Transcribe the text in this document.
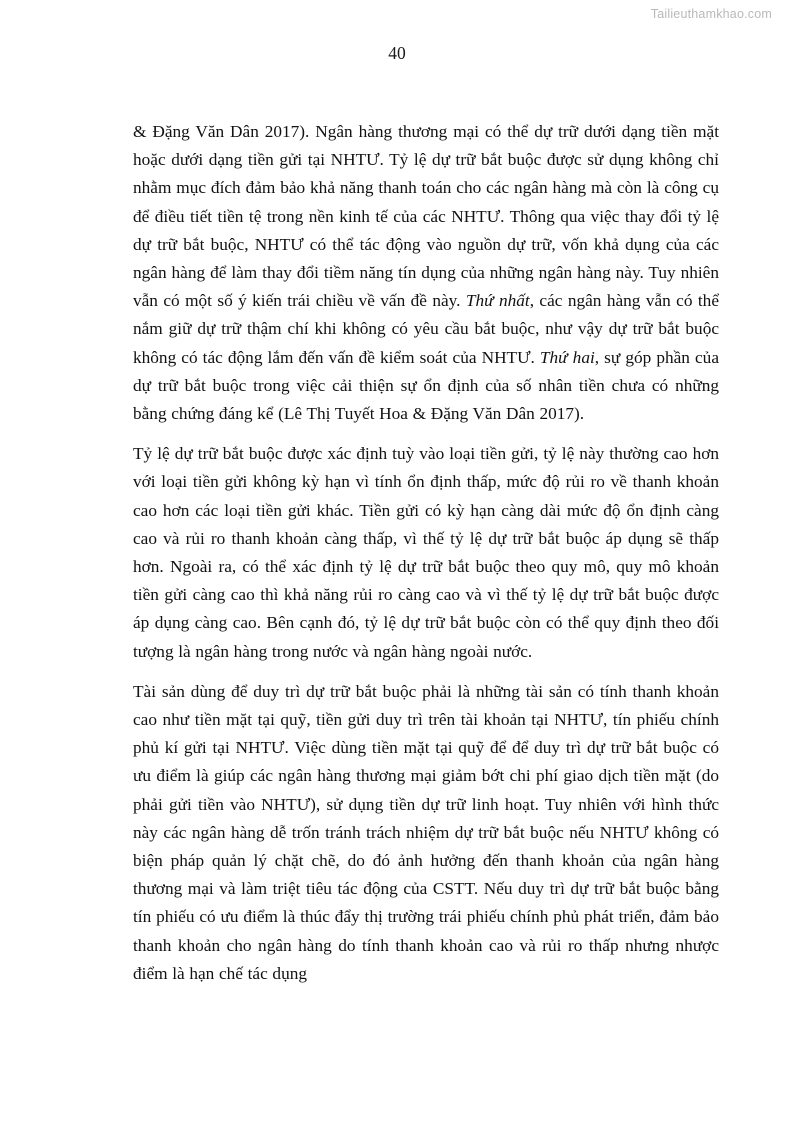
Tailieuthamkhao.com
40

& Đặng Văn Dân 2017). Ngân hàng thương mại có thể dự trữ dưới dạng tiền mặt hoặc dưới dạng tiền gửi tại NHTƯ. Tỷ lệ dự trữ bắt buộc được sử dụng không chỉ nhằm mục đích đảm bảo khả năng thanh toán cho các ngân hàng mà còn là công cụ để điều tiết tiền tệ trong nền kinh tế của các NHTƯ. Thông qua việc thay đổi tỷ lệ dự trữ bắt buộc, NHTƯ có thể tác động vào nguồn dự trữ, vốn khả dụng của các ngân hàng để làm thay đổi tiềm năng tín dụng của những ngân hàng này. Tuy nhiên vẫn có một số ý kiến trái chiều về vấn đề này. Thứ nhất, các ngân hàng vẫn có thể nắm giữ dự trữ thậm chí khi không có yêu cầu bắt buộc, như vậy dự trữ bắt buộc không có tác động lắm đến vấn đề kiểm soát của NHTƯ. Thứ hai, sự góp phần của dự trữ bắt buộc trong việc cải thiện sự ổn định của số nhân tiền chưa có những bằng chứng đáng kể (Lê Thị Tuyết Hoa & Đặng Văn Dân 2017).

Tỷ lệ dự trữ bắt buộc được xác định tuỳ vào loại tiền gửi, tỷ lệ này thường cao hơn với loại tiền gửi không kỳ hạn vì tính ổn định thấp, mức độ rủi ro về thanh khoản cao hơn các loại tiền gửi khác. Tiền gửi có kỳ hạn càng dài mức độ ổn định càng cao và rủi ro thanh khoản càng thấp, vì thế tỷ lệ dự trữ bắt buộc áp dụng sẽ thấp hơn. Ngoài ra, có thể xác định tỷ lệ dự trữ bắt buộc theo quy mô, quy mô khoản tiền gửi càng cao thì khả năng rủi ro càng cao và vì thế tỷ lệ dự trữ bắt buộc được áp dụng càng cao. Bên cạnh đó, tỷ lệ dự trữ bắt buộc còn có thể quy định theo đối tượng là ngân hàng trong nước và ngân hàng ngoài nước.

Tài sản dùng để duy trì dự trữ bắt buộc phải là những tài sản có tính thanh khoản cao như tiền mặt tại quỹ, tiền gửi duy trì trên tài khoản tại NHTƯ, tín phiếu chính phủ kí gửi tại NHTƯ. Việc dùng tiền mặt tại quỹ để để duy trì dự trữ bắt buộc có ưu điểm là giúp các ngân hàng thương mại giảm bớt chi phí giao dịch tiền mặt (do phải gửi tiền vào NHTƯ), sử dụng tiền dự trữ linh hoạt. Tuy nhiên với hình thức này các ngân hàng dễ trốn tránh trách nhiệm dự trữ bắt buộc nếu NHTƯ không có biện pháp quản lý chặt chẽ, do đó ảnh hưởng đến thanh khoản của ngân hàng thương mại và làm triệt tiêu tác động của CSTT. Nếu duy trì dự trữ bắt buộc bằng tín phiếu có ưu điểm là thúc đẩy thị trường trái phiếu chính phủ phát triển, đảm bảo thanh khoản cho ngân hàng do tính thanh khoản cao và rủi ro thấp nhưng nhược điểm là hạn chế tác dụng
